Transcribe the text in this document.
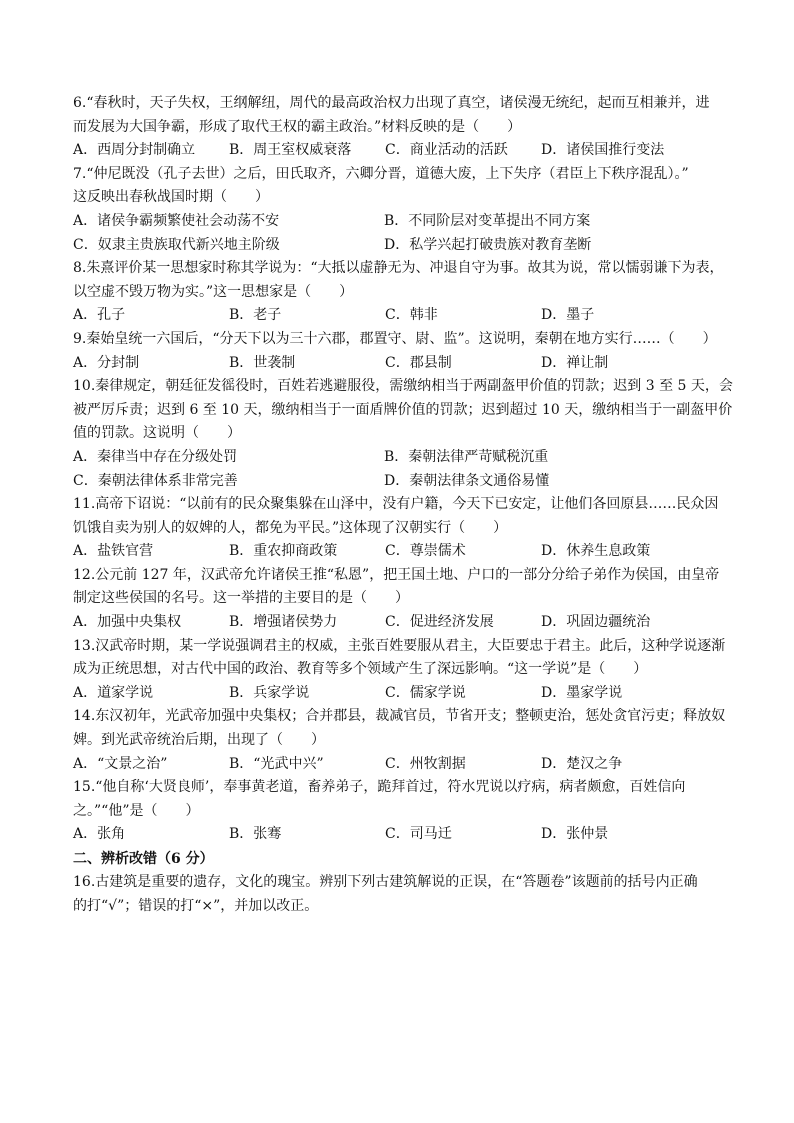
6.“春秋时，天子失权，王纲解纽，周代的最高政治权力出现了真空，诸侯漫无统纪，起而互相兼并，进
而发展为大国争霸，形成了取代王权的霸主政治。”材料反映的是（　　）
A．西周分封制确立	B．周王室权威衰落	C．商业活动的活跃	D．诸侯国推行变法
7.“仲尼既没（孔子去世）之后，田氏取齐，六卿分晋，道德大废，上下失序（君臣上下秩序混乱）。”
这反映出春秋战国时期（　　）
A．诸侯争霸频繁使社会动荡不安	B．不同阶层对变革提出不同方案
C．奴隶主贵族取代新兴地主阶级	D．私学兴起打破贵族对教育垄断
8.朱熹评价某一思想家时称其学说为：“大抵以虚静无为、冲退自守为事。故其为说，常以懦弱谦下为表，
以空虚不毁万物为实。”这一思想家是（　　）
A．孔子	B．老子	C．韩非	D．墨子
9.秦始皇统一六国后，“分天下以为三十六郡，郡置守、尉、监”。这说明，秦朝在地方实行……（　　）
A．分封制	B．世袭制	C．郡县制	D．禅让制
10.秦律规定，朝廷征发徭役时，百姓若逃避服役，需缴纳相当于两副盔甲价值的罚款；迟到 3 至 5 天，会
被严厉斥责；迟到 6 至 10 天，缴纳相当于一面盾牌价值的罚款；迟到超过 10 天，缴纳相当于一副盔甲价
值的罚款。这说明（　　）
A．秦律当中存在分级处罚	B．秦朝法律严苛赋税沉重
C．秦朝法律体系非常完善	D．秦朝法律条文通俗易懂
11.高帝下诏说：“以前有的民众聚集躲在山泽中，没有户籍，今天下已安定，让他们各回原县……民众因
饥饿自卖为别人的奴婢的人，都免为平民。”这体现了汉朝实行（　　）
A．盐铁官营	B．重农抑商政策	C．尊崇儒术	D．休养生息政策
12.公元前 127 年，汉武帝允许诸侯王推“私恩”，把王国土地、户口的一部分分给子弟作为侯国，由皇帝
制定这些侯国的名号。这一举措的主要目的是（　　）
A．加强中央集权	B．增强诸侯势力	C．促进经济发展	D．巩固边疆统治
13.汉武帝时期，某一学说强调君主的权威，主张百姓要服从君主，大臣要忠于君主。此后，这种学说逐渐
成为正统思想，对古代中国的政治、教育等多个领域产生了深远影响。“这一学说”是（　　）
A．道家学说	B．兵家学说	C．儒家学说	D．墨家学说
14.东汉初年，光武帝加强中央集权；合并郡县，裁减官员，节省开支；整顿吏治，惩处贪官污吏；释放奴
婢。到光武帝统治后期，出现了（　　）
A．“文景之治”	B．“光武中兴”	C．州牧割据	D．楚汉之争
15.“他自称‘大贤良师’，奉事黄老道，畜养弟子，跪拜首过，符水咒说以疗病，病者颇愈，百姓信向
之。”“他”是（　　）
A．张角	B．张骞	C．司马迁	D．张仲景
二、辨析改错（6 分）
16.古建筑是重要的遗存，文化的瑰宝。辨别下列古建筑解说的正误，在“答题卷”该题前的括号内正确
的打“√”；错误的打“×”，并加以改正。
